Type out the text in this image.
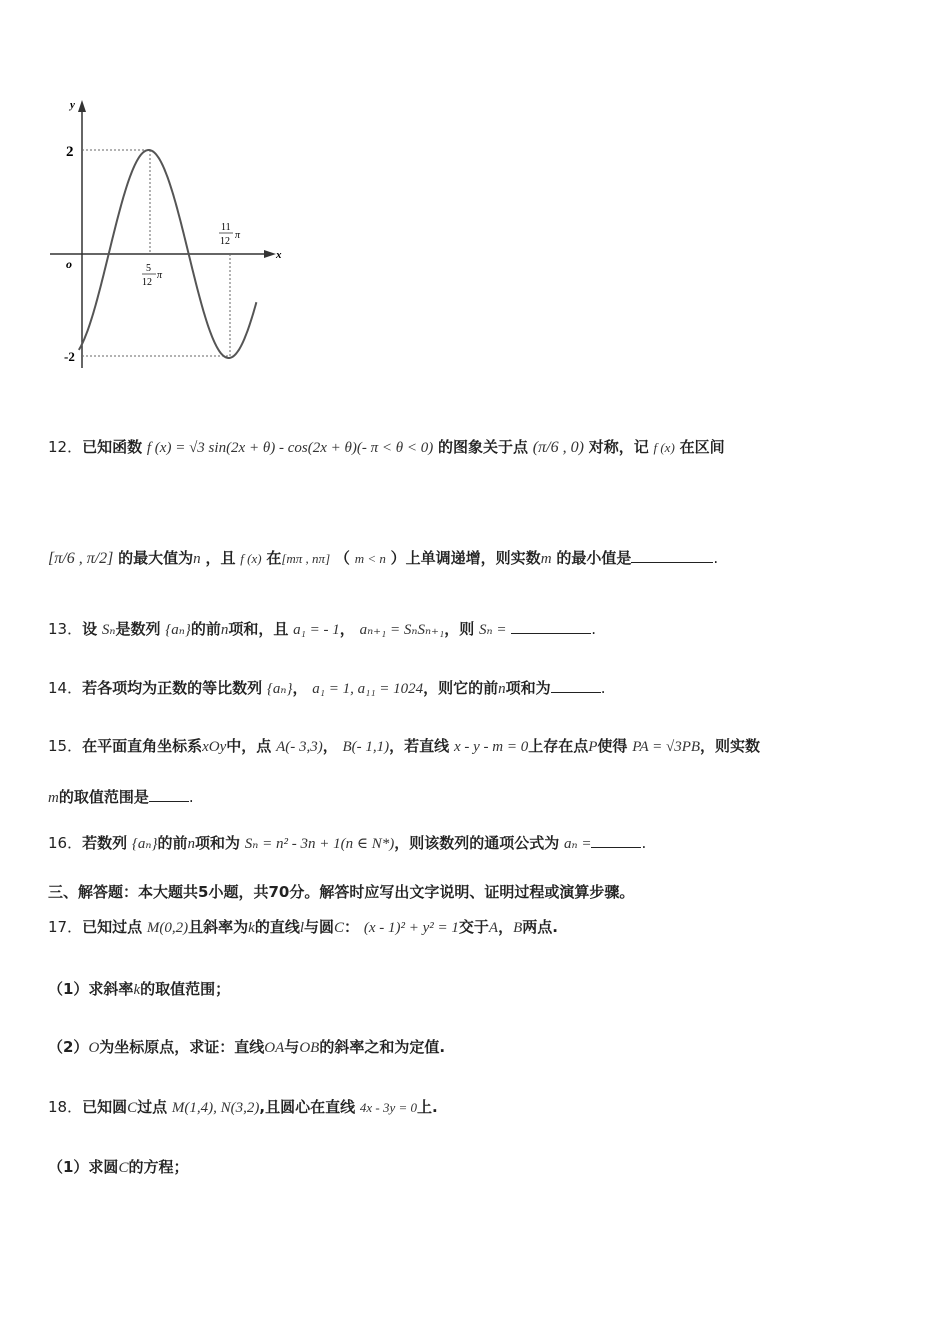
y
x
o
2
-2
5
12
π
11
12
π
12．已知函数 f (x) = √3 sin(2x + θ) - cos(2x + θ)(- π < θ < 0) 的图象关于点 (π/6 , 0) 对称，记 f (x) 在区间
[π/6 , π/2] 的最大值为n ，且 f (x) 在[mπ , nπ] （ m < n ）上单调递增，则实数m 的最小值是	.
13．设 Sₙ是数列 {aₙ}的前n项和，且 a₁ = - 1， aₙ₊₁ = SₙSₙ₊₁，则 Sₙ =	.
14．若各项均为正数的等比数列 {aₙ}， a₁ = 1, a₁₁ = 1024，则它的前n项和为	.
15．在平面直角坐标系xOy中，点 A(- 3,3)， B(- 1,1)，若直线 x - y - m = 0上存在点P使得 PA = √3PB，则实数
m的取值范围是	.
16．若数列 {aₙ}的前n项和为 Sₙ = n² - 3n + 1(n ∈ N*)，则该数列的通项公式为 aₙ =	.
三、解答题：本大题共5小题，共70分。解答时应写出文字说明、证明过程或演算步骤。
17．已知过点 M(0,2)且斜率为k的直线l与圆C： (x - 1)² + y² = 1交于A，B两点.
（1）求斜率k的取值范围；
（2）O为坐标原点，求证：直线OA与OB的斜率之和为定值.
18．已知圆C过点 M(1,4), N(3,2),且圆心在直线 4x - 3y = 0上.
（1）求圆C的方程；
